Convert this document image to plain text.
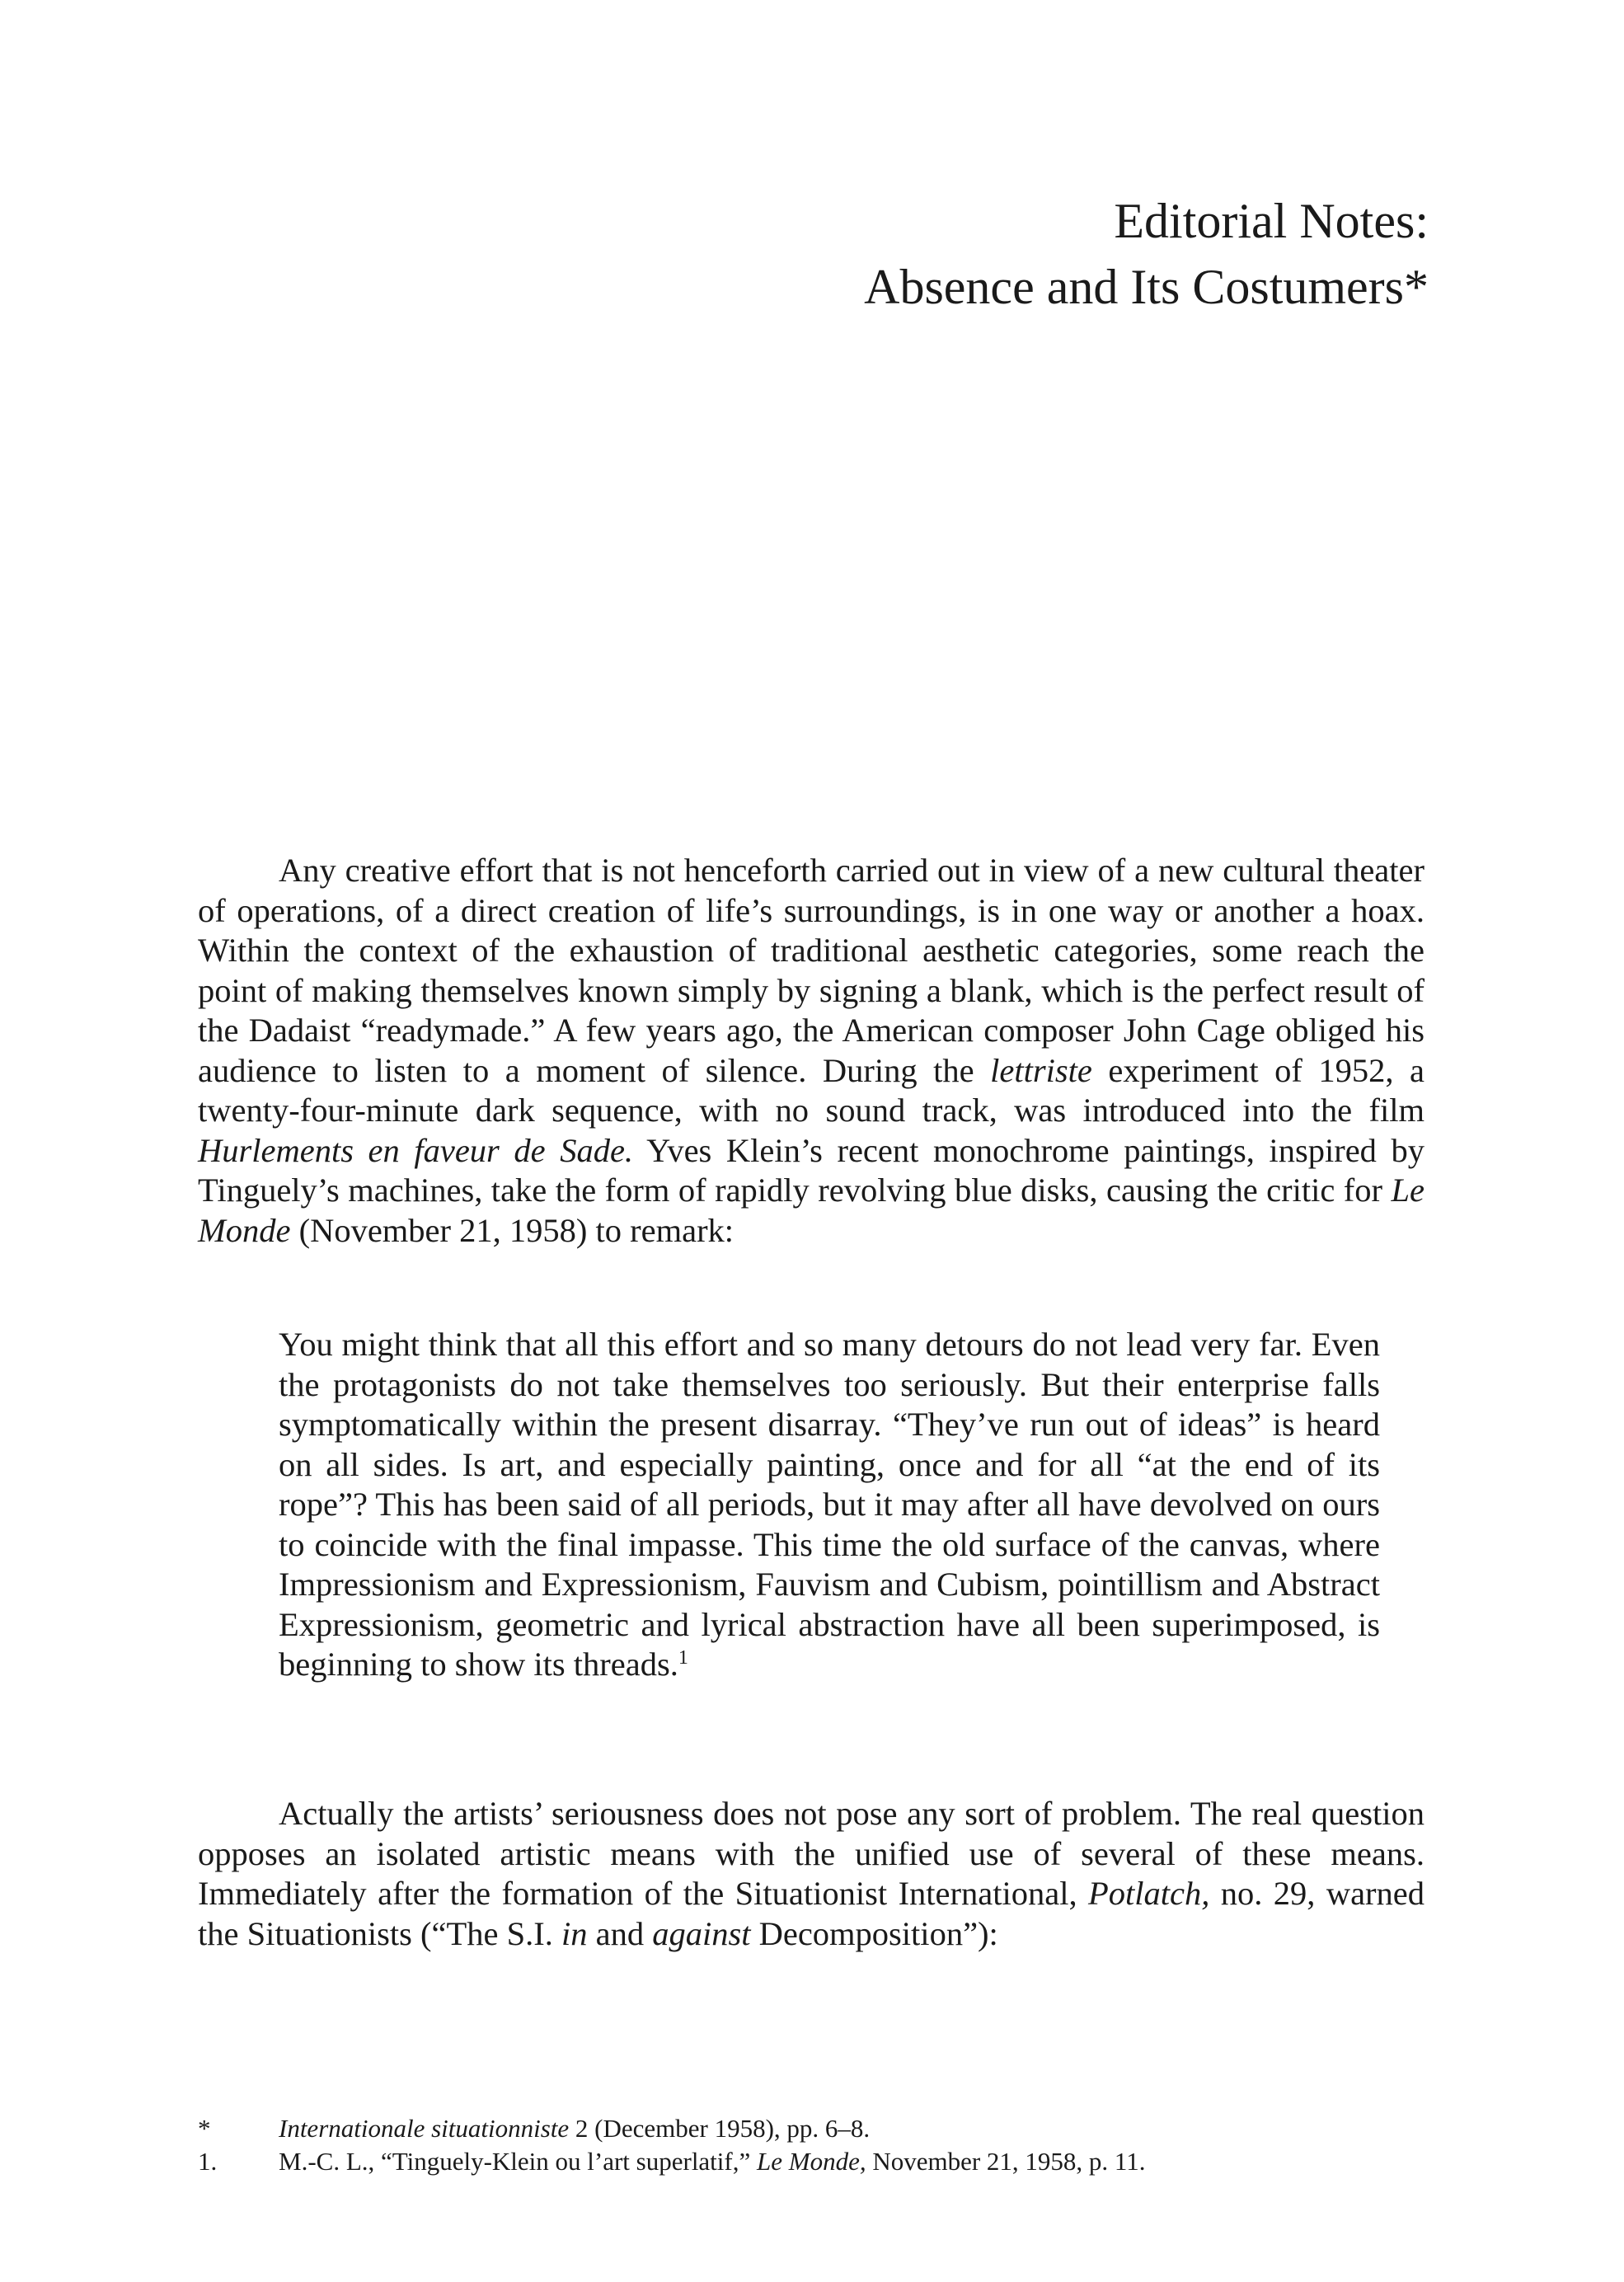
Editorial Notes:
Absence and Its Costumers*

Any creative effort that is not henceforth carried out in view of a new cultural theater of operations, of a direct creation of life’s surroundings, is in one way or another a hoax. Within the context of the exhaustion of traditional aesthetic categories, some reach the point of making themselves known simply by signing a blank, which is the perfect result of the Dadaist “readymade.” A few years ago, the American composer John Cage obliged his audience to listen to a moment of silence. During the lettriste experiment of 1952, a twenty-four-minute dark sequence, with no sound track, was introduced into the film Hurlements en faveur de Sade. Yves Klein’s recent monochrome paintings, inspired by Tinguely’s machines, take the form of rapidly revolving blue disks, causing the critic for Le Monde (November 21, 1958) to remark:

You might think that all this effort and so many detours do not lead very far. Even the protagonists do not take themselves too seriously. But their enterprise falls symptomatically within the present disarray. “They’ve run out of ideas” is heard on all sides. Is art, and especially painting, once and for all “at the end of its rope”? This has been said of all periods, but it may after all have devolved on ours to coincide with the final impasse. This time the old surface of the canvas, where Impressionism and Expressionism, Fauvism and Cubism, pointillism and Abstract Expressionism, geometric and lyrical abstraction have all been superimposed, is beginning to show its threads.$^1$

Actually the artists’ seriousness does not pose any sort of problem. The real question opposes an isolated artistic means with the unified use of several of these means. Immediately after the formation of the Situationist International, Potlatch, no. 29, warned the Situationists (“The S.I. in and against Decomposition”):

*	Internationale situationniste 2 (December 1958), pp. 6–8.
1.	M.-C. L., “Tinguely-Klein ou l’art superlatif,” Le Monde, November 21, 1958, p. 11.
